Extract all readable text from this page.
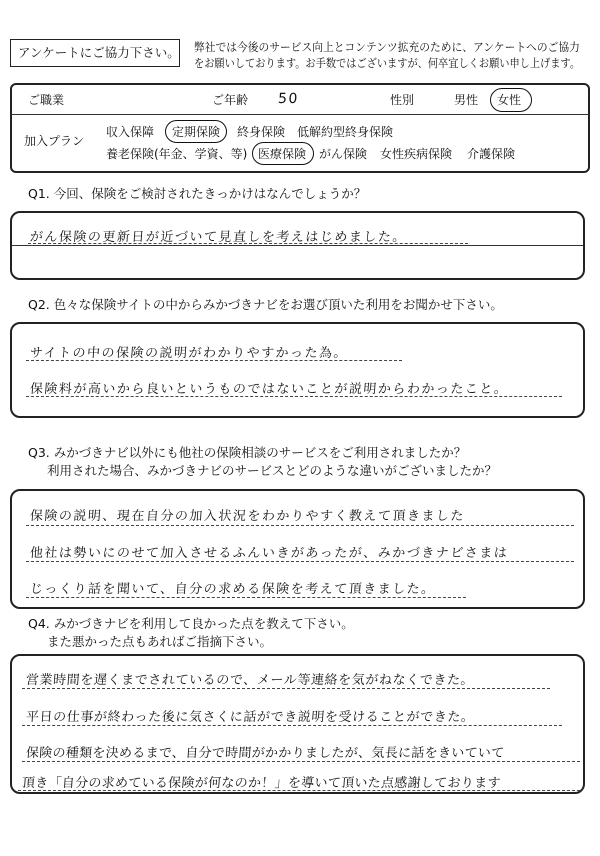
アンケートにご協力下さい。 弊社では今後のサービス向上とコンテンツ拡充のために、アンケートへのご協力
をお願いしております。お手数ではございますが、何卒宜しくお願い申し上げます。
ご職業	ご年齢 50	性別	男性 女性
加入プラン
収入保障 定期保険 終身保険 低解約型終身保険
養老保険(年金、学資、等) 医療保険 がん保険 女性疾病保険 介護保険
Q1. 今回、保険をご検討されたきっかけはなんでしょうか？
がん保険の更新日が近づいて見直しを考えはじめました。
Q2. 色々な保険サイトの中からみかづきナビをお選び頂いた利用をお聞かせ下さい。
サイトの中の保険の説明がわかりやすかった為。
保険料が高いから良いというものではないことが説明からわかったこと。
Q3. みかづきナビ以外にも他社の保険相談のサービスをご利用されましたか？
利用された場合、みかづきナビのサービスとどのような違いがございましたか？
保険の説明、現在自分の加入状況をわかりやすく教えて頂きました
他社は勢いにのせて加入させるふんいきがあったが、みかづきナビさまは
じっくり話を聞いて、自分の求める保険を考えて頂きました。
Q4. みかづきナビを利用して良かった点を教えて下さい。
また悪かった点もあればご指摘下さい。
営業時間を遅くまでされているので、メール等連絡を気がねなくできた。
平日の仕事が終わった後に気さくに話ができ説明を受けることができた。
保険の種類を決めるまで、自分で時間がかかりましたが、気長に話をきいていて
頂き「自分の求めている保険が何なのか！」を導いて頂いた点感謝しております
